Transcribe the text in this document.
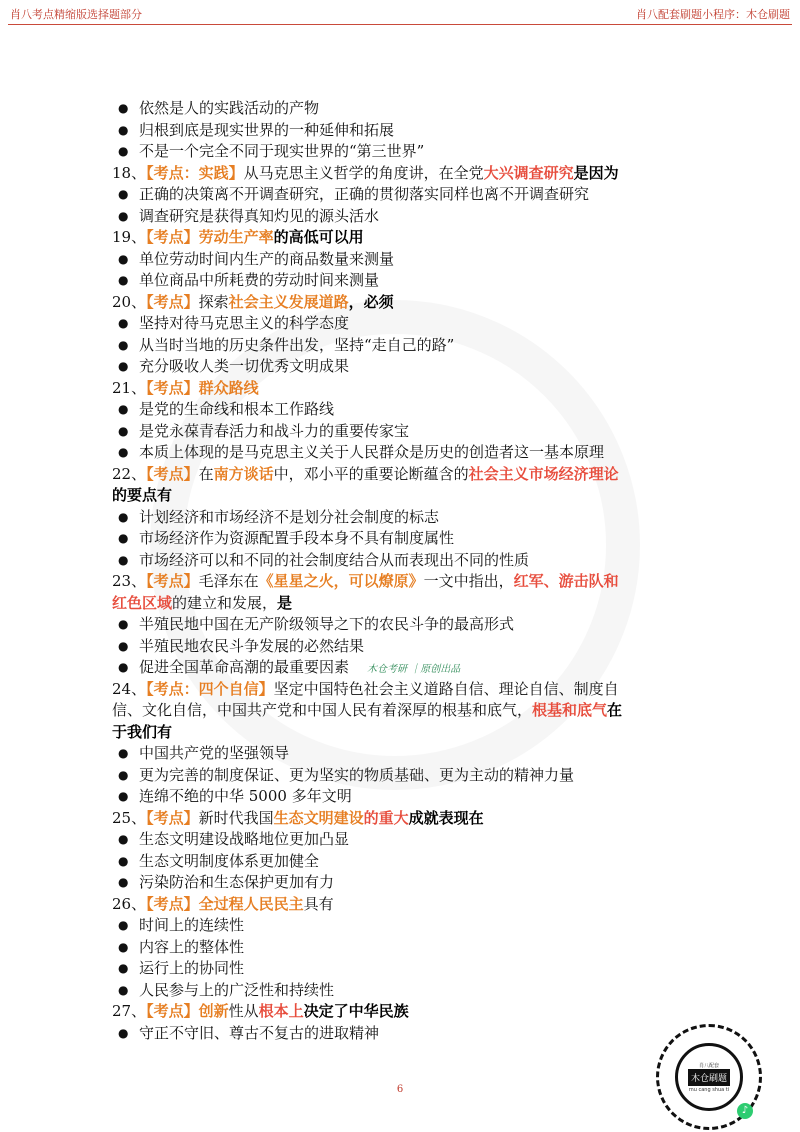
肖八考点精缩版选择题部分	肖八配套刷题小程序：木仓刷题
● 依然是人的实践活动的产物
● 归根到底是现实世界的一种延伸和拓展
● 不是一个完全不同于现实世界的“第三世界”
18、【考点：实践】从马克思主义哲学的角度讲，在全党大兴调查研究是因为
● 正确的决策离不开调查研究，正确的贯彻落实同样也离不开调查研究
● 调查研究是获得真知灼见的源头活水
19、【考点】劳动生产率的高低可以用
● 单位劳动时间内生产的商品数量来测量
● 单位商品中所耗费的劳动时间来测量
20、【考点】探索社会主义发展道路，必须
● 坚持对待马克思主义的科学态度
● 从当时当地的历史条件出发，坚持“走自己的路”
● 充分吸收人类一切优秀文明成果
21、【考点】群众路线
● 是党的生命线和根本工作路线
● 是党永葆青春活力和战斗力的重要传家宝
● 本质上体现的是马克思主义关于人民群众是历史的创造者这一基本原理
22、【考点】在南方谈话中，邓小平的重要论断蕴含的社会主义市场经济理论
的要点有
● 计划经济和市场经济不是划分社会制度的标志
● 市场经济作为资源配置手段本身不具有制度属性
● 市场经济可以和不同的社会制度结合从而表现出不同的性质
23、【考点】毛泽东在《星星之火，可以燎原》一文中指出，红军、游击队和
红色区域的建立和发展，是
● 半殖民地中国在无产阶级领导之下的农民斗争的最高形式
● 半殖民地农民斗争发展的必然结果
● 促进全国革命高潮的最重要因素 木仓考研 ｜原创出品
24、【考点：四个自信】坚定中国特色社会主义道路自信、理论自信、制度自
信、文化自信，中国共产党和中国人民有着深厚的根基和底气，根基和底气在
于我们有
● 中国共产党的坚强领导
● 更为完善的制度保证、更为坚实的物质基础、更为主动的精神力量
● 连绵不绝的中华 5000 多年文明
25、【考点】新时代我国生态文明建设的重大成就表现在
● 生态文明建设战略地位更加凸显
● 生态文明制度体系更加健全
● 污染防治和生态保护更加有力
26、【考点】全过程人民民主具有
● 时间上的连续性
● 内容上的整体性
● 运行上的协同性
● 人民参与上的广泛性和持续性
27、【考点】创新性从根本上决定了中华民族
● 守正不守旧、尊古不复古的进取精神
6
肖八配套
木仓刷题
mu cang shua ti
♪
